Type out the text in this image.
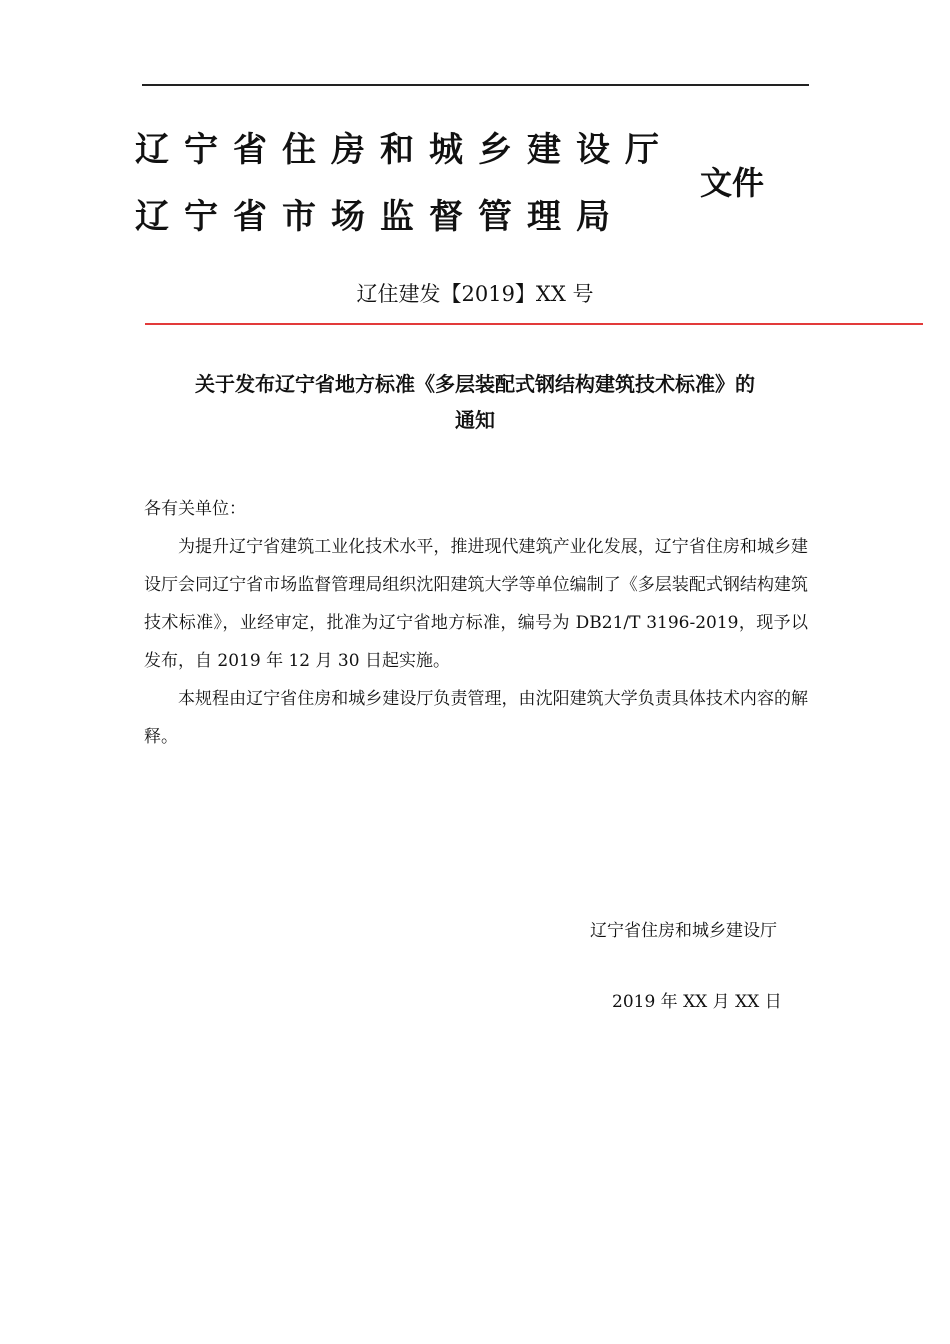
辽宁省住房和城乡建设厅
辽宁省市场监督管理局
文件
辽住建发【2019】XX 号
关于发布辽宁省地方标准《多层装配式钢结构建筑技术标准》的
通知

各有关单位：

为提升辽宁省建筑工业化技术水平，推进现代建筑产业化发展，辽宁省住房和城乡建设厅会同辽宁省市场监督管理局组织沈阳建筑大学等单位编制了《多层装配式钢结构建筑技术标准》，业经审定，批准为辽宁省地方标准，编号为 DB21/T 3196-2019，现予以发布，自 2019 年 12 月 30 日起实施。

本规程由辽宁省住房和城乡建设厅负责管理，由沈阳建筑大学负责具体技术内容的解释。

辽宁省住房和城乡建设厅
2019 年 XX 月 XX 日
